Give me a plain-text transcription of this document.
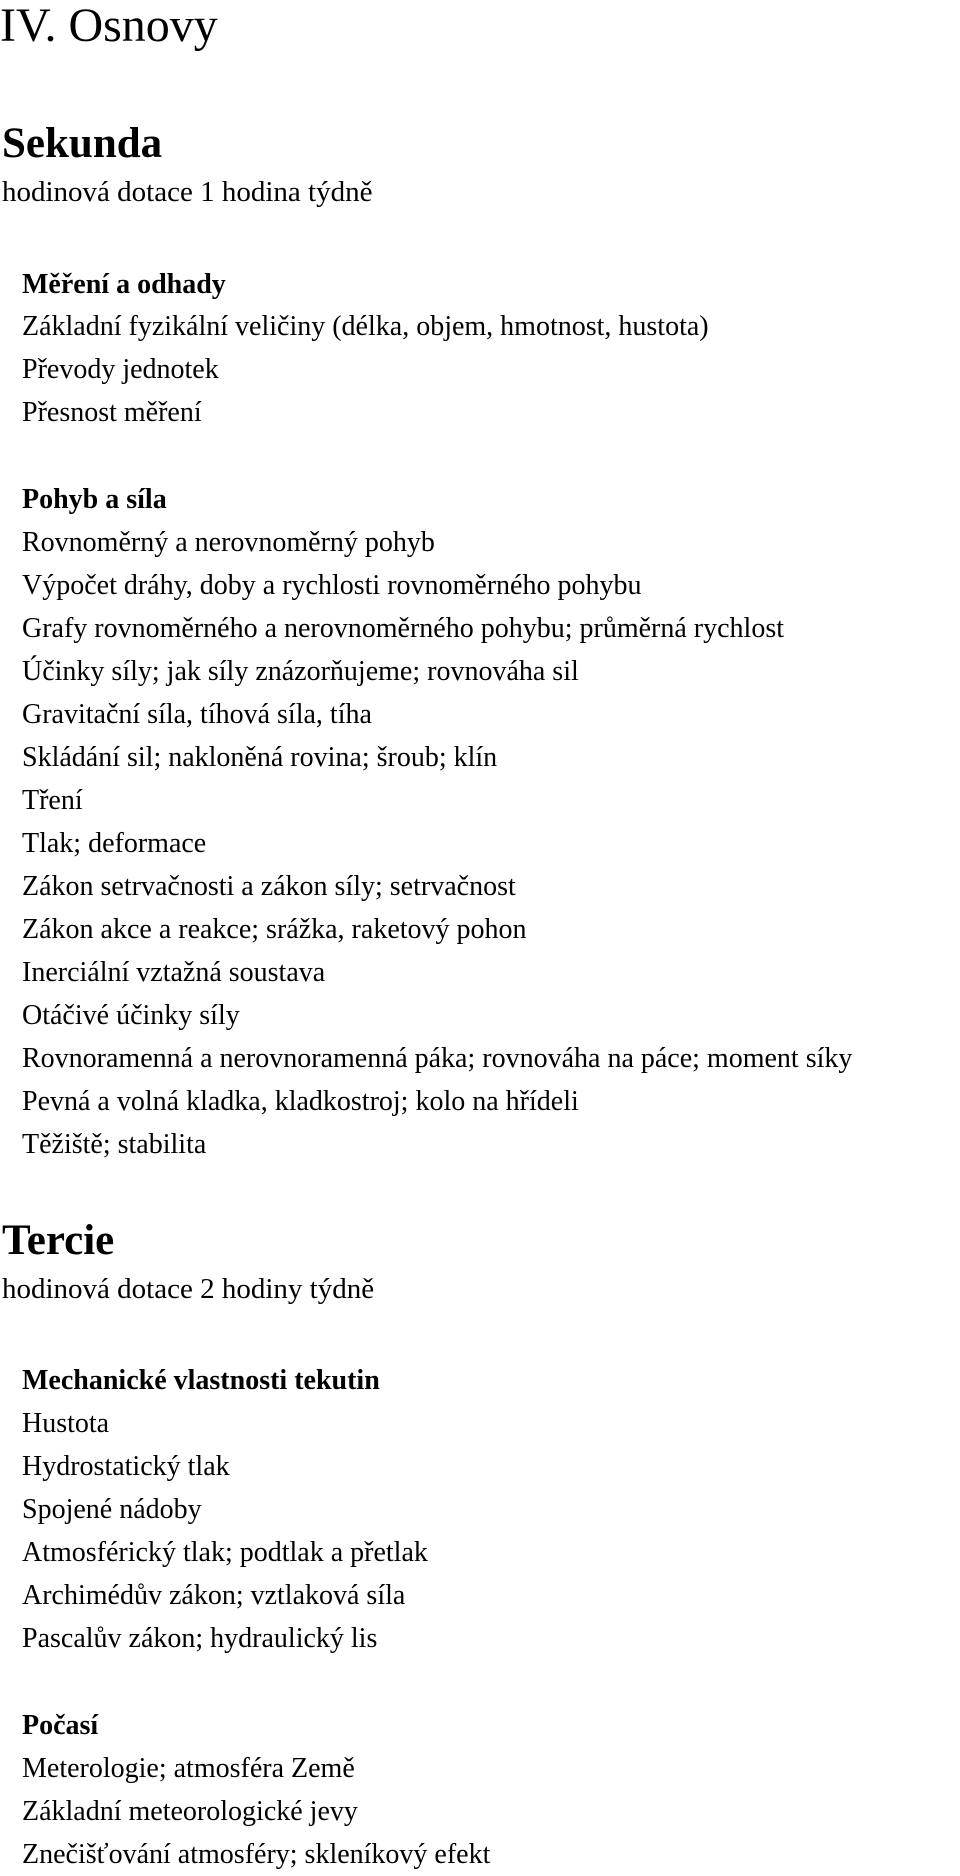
IV. Osnovy
Sekunda
hodinová dotace 1 hodina týdně
Měření a odhady
Základní fyzikální veličiny (délka, objem, hmotnost, hustota)
Převody jednotek
Přesnost měření
Pohyb a síla
Rovnoměrný a nerovnoměrný pohyb
Výpočet dráhy, doby a rychlosti rovnoměrného pohybu
Grafy rovnoměrného a nerovnoměrného pohybu; průměrná rychlost
Účinky síly; jak síly znázorňujeme; rovnováha sil
Gravitační síla, tíhová síla, tíha
Skládání sil; nakloněná rovina; šroub; klín
Tření
Tlak; deformace
Zákon setrvačnosti a zákon síly; setrvačnost
Zákon akce a reakce; srážka, raketový pohon
Inerciální vztažná soustava
Otáčivé účinky síly
Rovnoramenná a nerovnoramenná páka; rovnováha na páce; moment síky
Pevná a volná kladka, kladkostroj; kolo na hřídeli
Těžiště; stabilita
Tercie
hodinová dotace 2 hodiny týdně
Mechanické vlastnosti tekutin
Hustota
Hydrostatický tlak
Spojené nádoby
Atmosférický tlak; podtlak a přetlak
Archimédův zákon; vztlaková síla
Pascalův zákon; hydraulický lis
Počasí
Meterologie; atmosféra Země
Základní meteorologické jevy
Znečišťování atmosféry; skleníkový efekt
